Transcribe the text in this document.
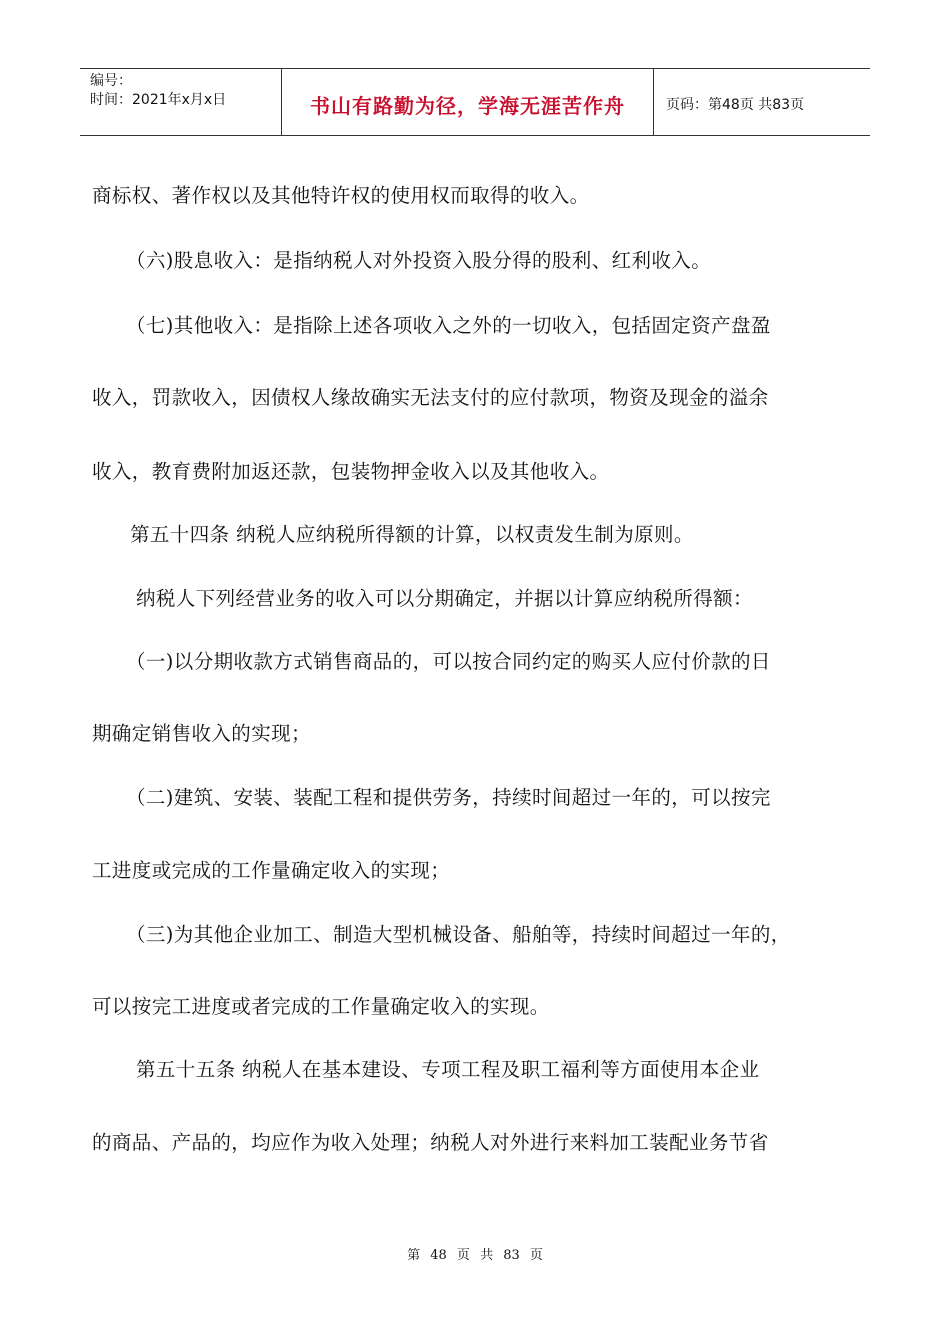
编号：
时间：2021年x月x日	书山有路勤为径，学海无涯苦作舟	页码：第48页 共83页
商标权、著作权以及其他特许权的使用权而取得的收入。
（六)股息收入：是指纳税人对外投资入股分得的股利、红利收入。
（七)其他收入：是指除上述各项收入之外的一切收入，包括固定资产盘盈
收入，罚款收入，因债权人缘故确实无法支付的应付款项，物资及现金的溢余
收入，教育费附加返还款，包装物押金收入以及其他收入。
第五十四条 纳税人应纳税所得额的计算，以权责发生制为原则。
纳税人下列经营业务的收入可以分期确定，并据以计算应纳税所得额：
（一)以分期收款方式销售商品的，可以按合同约定的购买人应付价款的日
期确定销售收入的实现；
（二)建筑、安装、装配工程和提供劳务，持续时间超过一年的，可以按完
工进度或完成的工作量确定收入的实现；
（三)为其他企业加工、制造大型机械设备、船舶等，持续时间超过一年的，
可以按完工进度或者完成的工作量确定收入的实现。
第五十五条 纳税人在基本建设、专项工程及职工福利等方面使用本企业
的商品、产品的，均应作为收入处理；纳税人对外进行来料加工装配业务节省
第 48 页 共 83 页
